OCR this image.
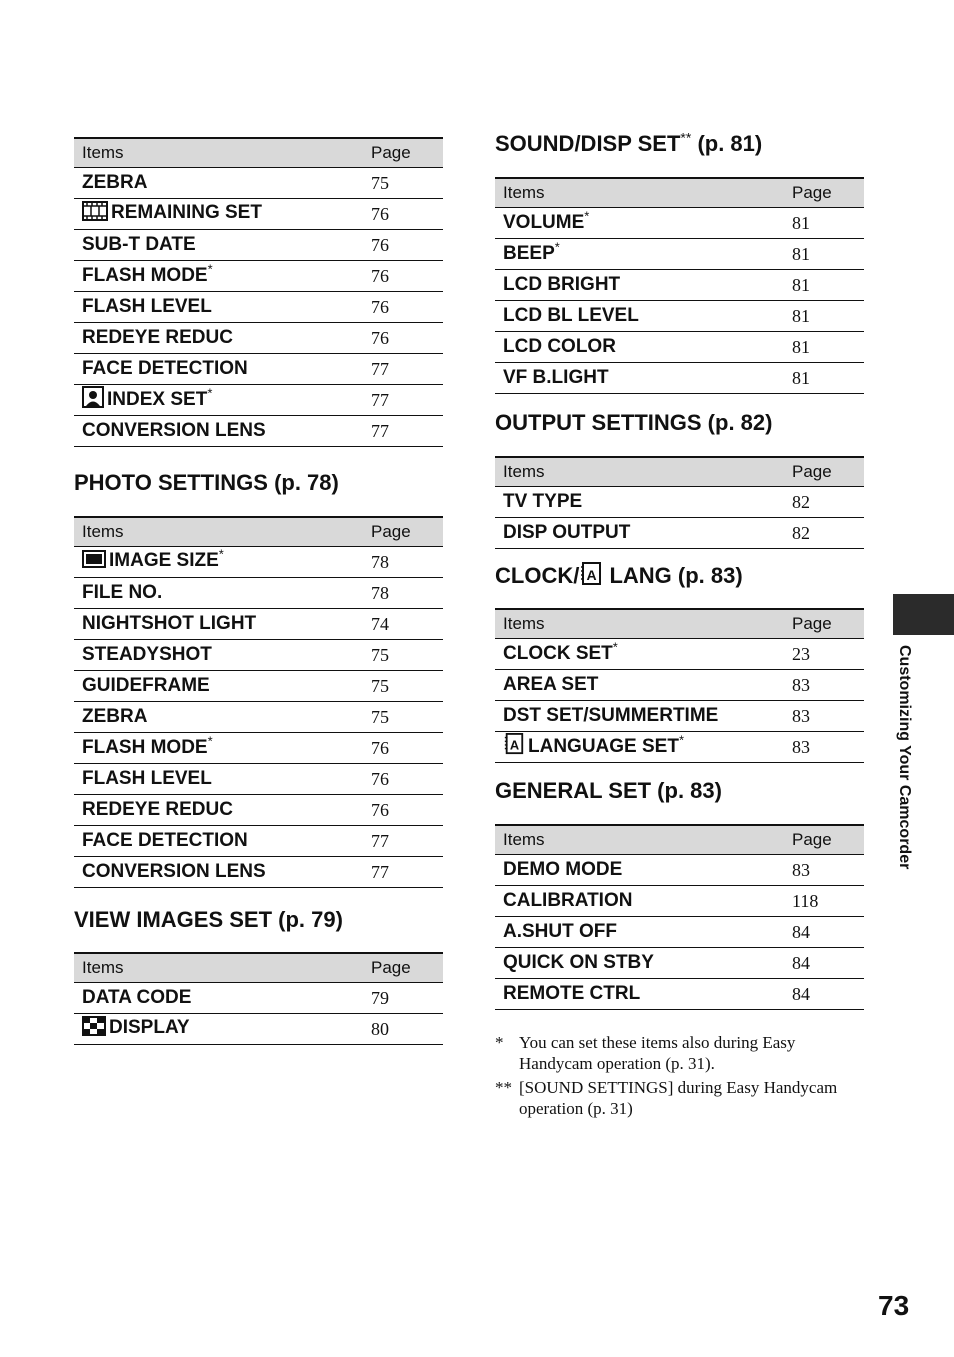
Items	Page
ZEBRA	75
REMAINING SET	76
SUB-T DATE	76
FLASH MODE*	76
FLASH LEVEL	76
REDEYE REDUC	76
FACE DETECTION	77
INDEX SET*	77
CONVERSION LENS	77
PHOTO SETTINGS (p. 78)
Items	Page
IMAGE SIZE*	78
FILE NO.	78
NIGHTSHOT LIGHT	74
STEADYSHOT	75
GUIDEFRAME	75
ZEBRA	75
FLASH MODE*	76
FLASH LEVEL	76
REDEYE REDUC	76
FACE DETECTION	77
CONVERSION LENS	77
VIEW IMAGES SET (p. 79)
Items	Page
DATA CODE	79
DISPLAY	80
SOUND/DISP SET** (p. 81)
Items	Page
VOLUME*	81
BEEP*	81
LCD BRIGHT	81
LCD BL LEVEL	81
LCD COLOR	81
VF B.LIGHT	81
OUTPUT SETTINGS (p. 82)
Items	Page
TV TYPE	82
DISP OUTPUT	82
CLOCK/ A LANG (p. 83)
Items	Page
CLOCK SET*	23
AREA SET	83
DST SET/SUMMERTIME	83

A LANGUAGE SET*	83
GENERAL SET (p. 83)
Items	Page
DEMO MODE	83
CALIBRATION	118
A.SHUT OFF	84
QUICK ON STBY	84
REMOTE CTRL	84
* You can set these items also during Easy Handycam operation (p. 31).
** [SOUND SETTINGS] during Easy Handycam operation (p. 31)
Customizing Your Camcorder
73
